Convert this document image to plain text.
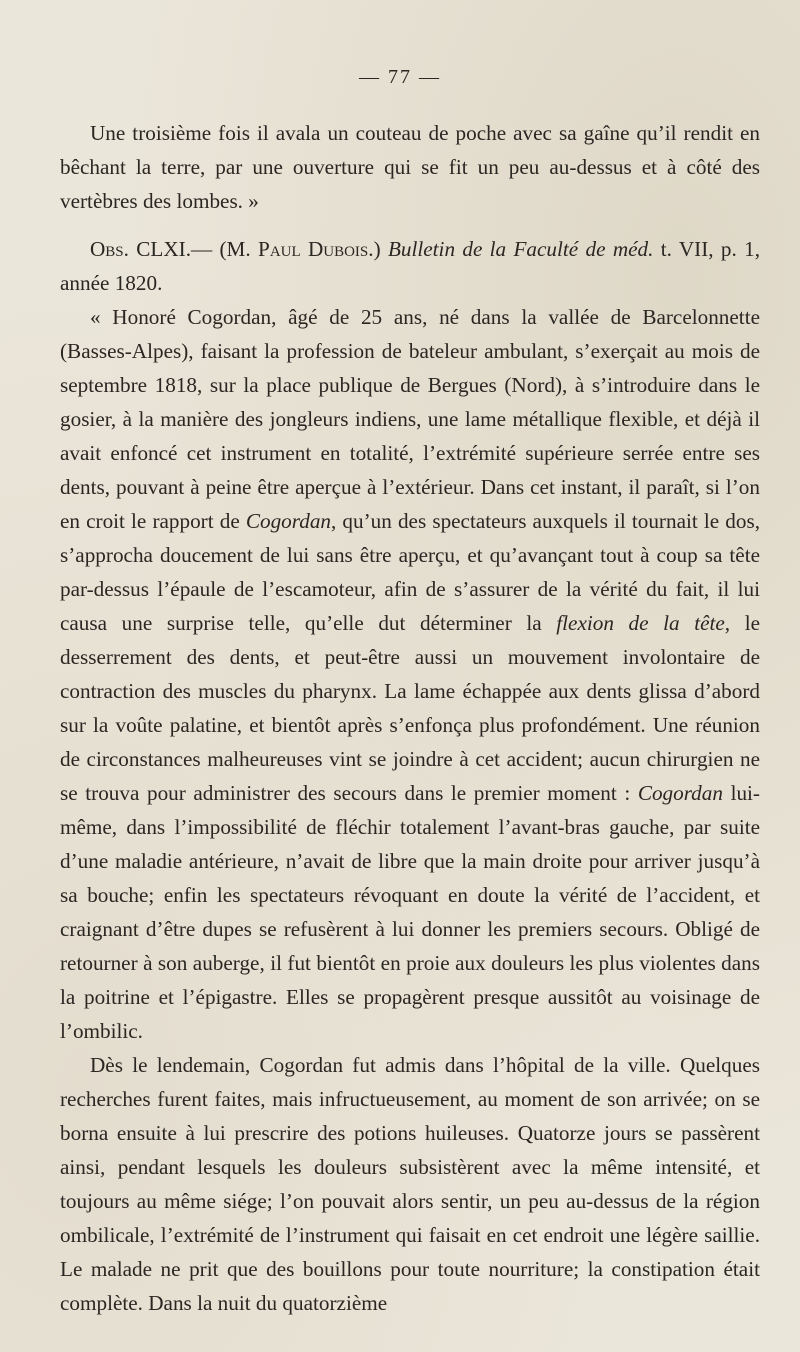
— 77 —

Une troisième fois il avala un couteau de poche avec sa gaîne qu’il rendit en bêchant la terre, par une ouverture qui se fit un peu au-dessus et à côté des vertèbres des lombes. »

Obs. CLXI.— (M. Paul Dubois.) Bulletin de la Faculté de méd. t. VII, p. 1, année 1820.

« Honoré Cogordan, âgé de 25 ans, né dans la vallée de Barcelonnette (Basses-Alpes), faisant la profession de bateleur ambulant, s’exerçait au mois de septembre 1818, sur la place publique de Bergues (Nord), à s’introduire dans le gosier, à la manière des jongleurs indiens, une lame métallique flexible, et déjà il avait enfoncé cet instrument en totalité, l’extrémité supérieure serrée entre ses dents, pouvant à peine être aperçue à l’extérieur. Dans cet instant, il paraît, si l’on en croit le rapport de Cogordan, qu’un des spectateurs auxquels il tournait le dos, s’approcha doucement de lui sans être aperçu, et qu’avançant tout à coup sa tête par-dessus l’épaule de l’escamoteur, afin de s’assurer de la vérité du fait, il lui causa une surprise telle, qu’elle dut déterminer la flexion de la tête, le desserrement des dents, et peut-être aussi un mouvement involontaire de contraction des muscles du pharynx. La lame échappée aux dents glissa d’abord sur la voûte palatine, et bientôt après s’enfonça plus profondément. Une réunion de circonstances malheureuses vint se joindre à cet accident; aucun chirurgien ne se trouva pour administrer des secours dans le premier moment : Cogordan lui-même, dans l’impossibilité de fléchir totalement l’avant-bras gauche, par suite d’une maladie antérieure, n’avait de libre que la main droite pour arriver jusqu’à sa bouche; enfin les spectateurs révoquant en doute la vérité de l’accident, et craignant d’être dupes se refusèrent à lui donner les premiers secours. Obligé de retourner à son auberge, il fut bientôt en proie aux douleurs les plus violentes dans la poitrine et l’épigastre. Elles se propagèrent presque aussitôt au voisinage de l’ombilic.

Dès le lendemain, Cogordan fut admis dans l’hôpital de la ville. Quelques recherches furent faites, mais infructueusement, au moment de son arrivée; on se borna ensuite à lui prescrire des potions huileuses. Quatorze jours se passèrent ainsi, pendant lesquels les douleurs subsistèrent avec la même intensité, et toujours au même siége; l’on pouvait alors sentir, un peu au-dessus de la région ombilicale, l’extrémité de l’instrument qui faisait en cet endroit une légère saillie. Le malade ne prit que des bouillons pour toute nourriture; la constipation était complète. Dans la nuit du quatorzième
